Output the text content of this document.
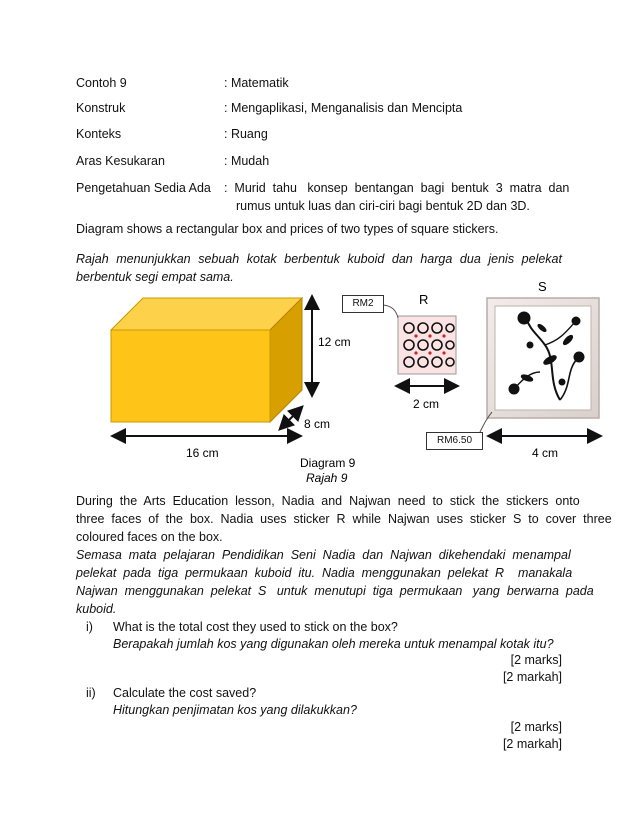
Contoh 9	: Matematik
Konstruk	: Mengaplikasi, Menganalisis dan Mencipta
Konteks	: Ruang
Aras Kesukaran	: Mudah
Pengetahuan Sedia Ada :  Murid  tahu   konsep  bentangan  bagi  bentuk  3  matra  dan
rumus untuk luas dan ciri-ciri bagi bentuk 2D dan 3D.
Diagram shows a rectangular box and prices of two types of square stickers.
Rajah  menunjukkan  sebuah  kotak  berbentuk  kuboid  dan  harga  dua  jenis  pelekat
berbentuk segi empat sama.
12 cm
8 cm
16 cm
R
2 cm
S
4 cm
Diagram 9
Rajah 9
RM2
RM6.50
During  the  Arts  Education  lesson,  Nadia  and  Najwan  need  to  stick  the  stickers  onto
three  faces  of  the  box.  Nadia  uses  sticker  R  while  Najwan  uses  sticker  S  to  cover  three
coloured faces on the box.
Semasa  mata  pelajaran  Pendidikan  Seni  Nadia  dan  Najwan  dikehendaki  menampal
pelekat  pada  tiga  permukaan  kuboid  itu.  Nadia  menggunakan  pelekat  R    manakala
Najwan  menggunakan  pelekat  S   untuk  menutupi  tiga  permukaan   yang  berwarna  pada
kuboid.
i) What is the total cost they used to stick on the box?
Berapakah jumlah kos yang digunakan oleh mereka untuk menampal kotak itu?
[2 marks]
[2 markah]
ii) Calculate the cost saved?
Hitungkan penjimatan kos yang dilakukkan?
[2 marks]
[2 markah]
